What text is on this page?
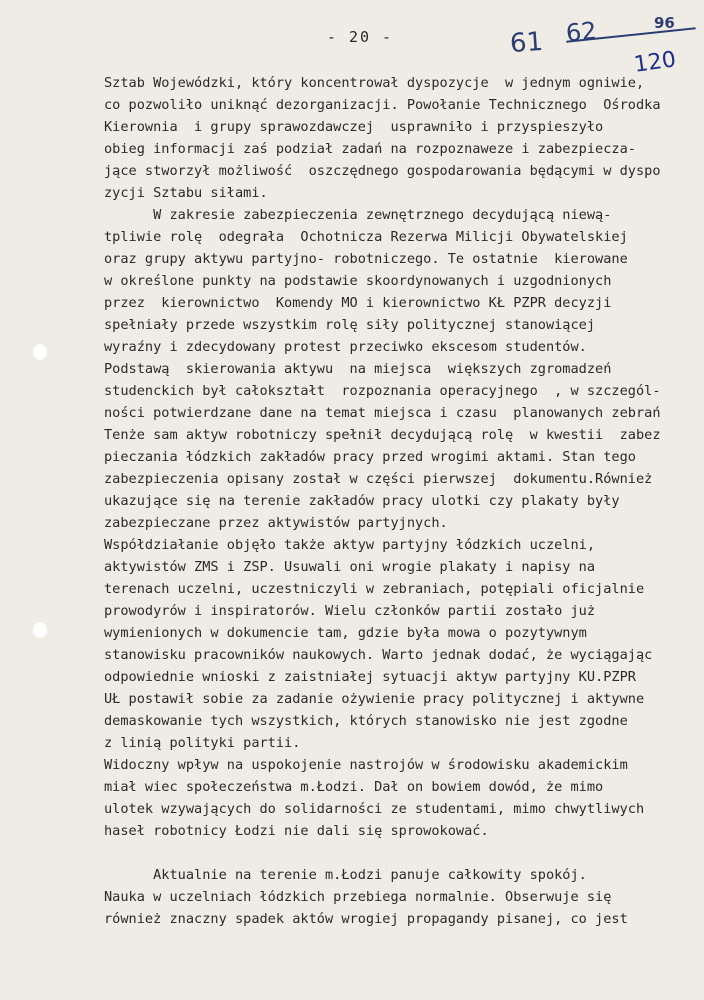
- 20 -	61 62	96
120
Sztab Wojewódzki, który koncentrował dyspozycje  w jednym ogniwie,
co pozwoliło uniknąć dezorganizacji. Powołanie Technicznego  Ośrodka
Kierownia  i grupy sprawozdawczej  usprawniło i przyspieszyło
obieg informacji zaś podział zadań na rozpoznaweze i zabezpiecza-
jące stworzył możliwość  oszczędnego gospodarowania będącymi w dyspo
zycji Sztabu siłami.
W zakresie zabezpieczenia zewnętrznego decydującą niewą-
tpliwie rolę  odegrała  Ochotnicza Rezerwa Milicji Obywatelskiej
oraz grupy aktywu partyjno- robotniczego. Te ostatnie  kierowane
w określone punkty na podstawie skoordynowanych i uzgodnionych
przez  kierownictwo  Komendy MO i kierownictwo KŁ PZPR decyzji
spełniały przede wszystkim rolę siły politycznej stanowiącej
wyraźny i zdecydowany protest przeciwko ekscesom studentów.
Podstawą  skierowania aktywu  na miejsca  większych zgromadzeń
studenckich był całokształt  rozpoznania operacyjnego  , w szczegól-
ności potwierdzane dane na temat miejsca i czasu  planowanych zebrań
Tenże sam aktyw robotniczy spełnił decydującą rolę  w kwestii  zabez
pieczania łódzkich zakładów pracy przed wrogimi aktami. Stan tego
zabezpieczenia opisany został w części pierwszej  dokumentu.Również
ukazujące się na terenie zakładów pracy ulotki czy plakaty były
zabezpieczane przez aktywistów partyjnych.
Współdziałanie objęło także aktyw partyjny łódzkich uczelni,
aktywistów ZMS i ZSP. Usuwali oni wrogie plakaty i napisy na
terenach uczelni, uczestniczyli w zebraniach, potępiali oficjalnie
prowodyrów i inspiratorów. Wielu członków partii zostało już
wymienionych w dokumencie tam, gdzie była mowa o pozytywnym
stanowisku pracowników naukowych. Warto jednak dodać, że wyciągając
odpowiednie wnioski z zaistniałej sytuacji aktyw partyjny KU.PZPR
UŁ postawił sobie za zadanie ożywienie pracy politycznej i aktywne
demaskowanie tych wszystkich, których stanowisko nie jest zgodne
z linią polityki partii.
Widoczny wpływ na uspokojenie nastrojów w środowisku akademickim
miał wiec społeczeństwa m.Łodzi. Dał on bowiem dowód, że mimo
ulotek wzywających do solidarności ze studentami, mimo chwytliwych
haseł robotnicy Łodzi nie dali się sprowokować.
Aktualnie na terenie m.Łodzi panuje całkowity spokój.
Nauka w uczelniach łódzkich przebiega normalnie. Obserwuje się
również znaczny spadek aktów wrogiej propagandy pisanej, co jest
